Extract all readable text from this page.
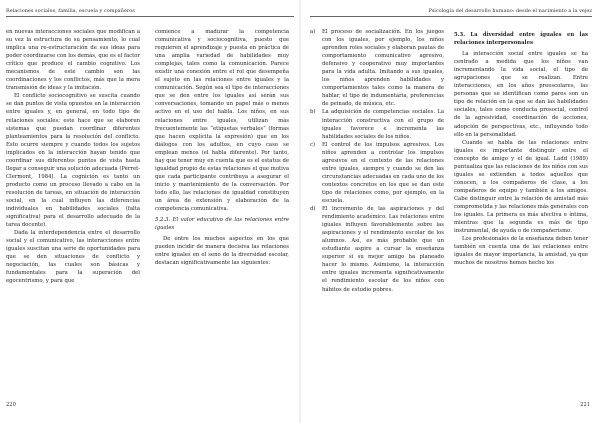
Relaciones sociales, familia, escuela y compañeros

en nuevas interacciones sociales que modifican a su vez la estructura de su pensamiento, lo cual implica una re-estructuración de sus ideas para poder coordinarse con los demás, que es el factor crítico que produce el cambio cognitivo. Los mecanismos de este cambio son las coordinaciones y los conflictos, más que la mera transmisión de ideas y la imitación.

El conflicto sociocognitivo se suscita cuando se dan puntos de vista opuestos en la interacción entre iguales y, en general, en todo tipo de relaciones sociales; este hace que se elaboren sistemas que puedan coordinar diferentes planteamientos para la resolución del conflicto. Esto ocurre siempre y cuando todos los sujetos implicados en la interacción hayan tenido que coordinar sus diferentes puntos de vista hasta llegar a conseguir una solución adecuada (Perret-Clermont, 1984). La cognición es tanto un producto como un proceso llevado a cabo en la resolución de tareas, en situación de interacción social, en la cual influyen las diferencias individuales en habilidades sociales (falta significativa) para el desarrollo adecuado de la tarea docente).

Dada la interdependencia entre el desarrollo social y el comunicativo, las interacciones entre iguales suscitan una serie de oportunidades para que se den situaciones de conflicto y negociación, las cuales son básicas y fundamentales para la superación del egocentrismo, y para que

comience a madurar la competencia comunicativa y sociocognitiva, puesto que requieren el aprendizaje y puesta en práctica de una amplia variedad de habilidades muy complejas, tales como la comunicación. Parece existir una conexión entre el rol que desempeña el sujeto en las relaciones entre iguales y la comunicación. Según sea el tipo de interacciones que se den entre los iguales así serán sus conversaciones, tomando un papel más o menos activo en el uso del habla. Los niños, en sus relaciones entre iguales, utilizan más frecuentemente las “etiquetas verbales” (formas que hacen explícita la expresión) que en los diálogos con los adultos, en cuyo caso se emplean menos (el habla diferente). Por tanto, hay que tener muy en cuenta que es el estatus de igualdad propio de estas relaciones el que motiva que cada participante contribuya a asegurar el inicio y mantenimiento de la conversación. Por todo ello, las relaciones de igualdad constituyen un área de extensión y elaboración de la competencia comunicativa.

5.2.3. El valor educativo de las relaciones entre iguales

De entre los muchos aspectos en los que pueden incidir de manera decisiva las relaciones entre iguales en el seno de la diversidad escolar, destacan significativamente las siguientes:

220
Psicología del desarrollo humano: desde el nacimiento a la vejez
a) El proceso de socialización. En los juegos con los iguales, por ejemplo, los niños aprenden roles sociales y elaboran pautas de comportamiento comunicativo agresivo, defensivo y cooperativo muy importantes para la vida adulta. Imitando a sus iguales, los niños aprenden habilidades y comportamientos tales como la manera de hablar, el tipo de indumentaria, preferencias de peinado, de música, etc.
b) La adquisición de competencias sociales. La interacción constructiva con el grupo de iguales favorece e incrementa las habilidades sociales de los niños.
c) El control de los impulsos agresivos. Los niños aprenden a controlar los impulsos agresivos en el contexto de las relaciones entre iguales, siempre y cuando se den las circunstancias adecuadas en cada uno de los contextos concretos en los que se dan este tipo de relaciones como, por ejemplo, en la escuela.
d) El incremento de las aspiraciones y del rendimiento académico. Las relaciones entre iguales influyen favorablemente sobre las aspiraciones y el rendimiento escolar de los alumnos. Así, es más probable que un estudiante aspire a cursar la enseñanza superior si su mejor amigo ha planeado hacer lo mismo. Asimismo, la interacción entre iguales incrementa significativamente el rendimiento escolar de los niños con hábitos de estudio pobres.
5.3. La diversidad entre iguales en las relaciones interpersonales

La interacción social entre iguales se ha centrado a medida que los niños van incrementando la vida social, el tipo de agrupaciones que se realizan. Entre interacciones, en los años preescolares, las personas que se identifican como pares son un tipo de relación en la que se dan las habilidades sociales, tales como conducta prosocial, control de la agresividad, coordinación de acciones, adopción de perspectivas, etc., influyendo todo ello en la personalidad.

Cuando se habla de las relaciones entre iguales es importante distinguir entre el concepto de amigo y el de igual. Ladd (1989) puntualiza que las relaciones de los niños con sus iguales se extienden a todos aquellos que conocen, a los compañeros de clase, a los compañeros de equipo y también a los amigos. Cabe distinguir entre la relación de amistad más comprometida y las relaciones más generales con los iguales. La primera es más afectiva e íntima, mientras que la segunda es más de tipo instrumental, de ayuda o de compañerismo.

Los profesionales de la enseñanza deben tener también en cuenta una de las relaciones entre iguales de mayor importancia, la amistad, ya que muchos de nosotros hemos hecho los

221
